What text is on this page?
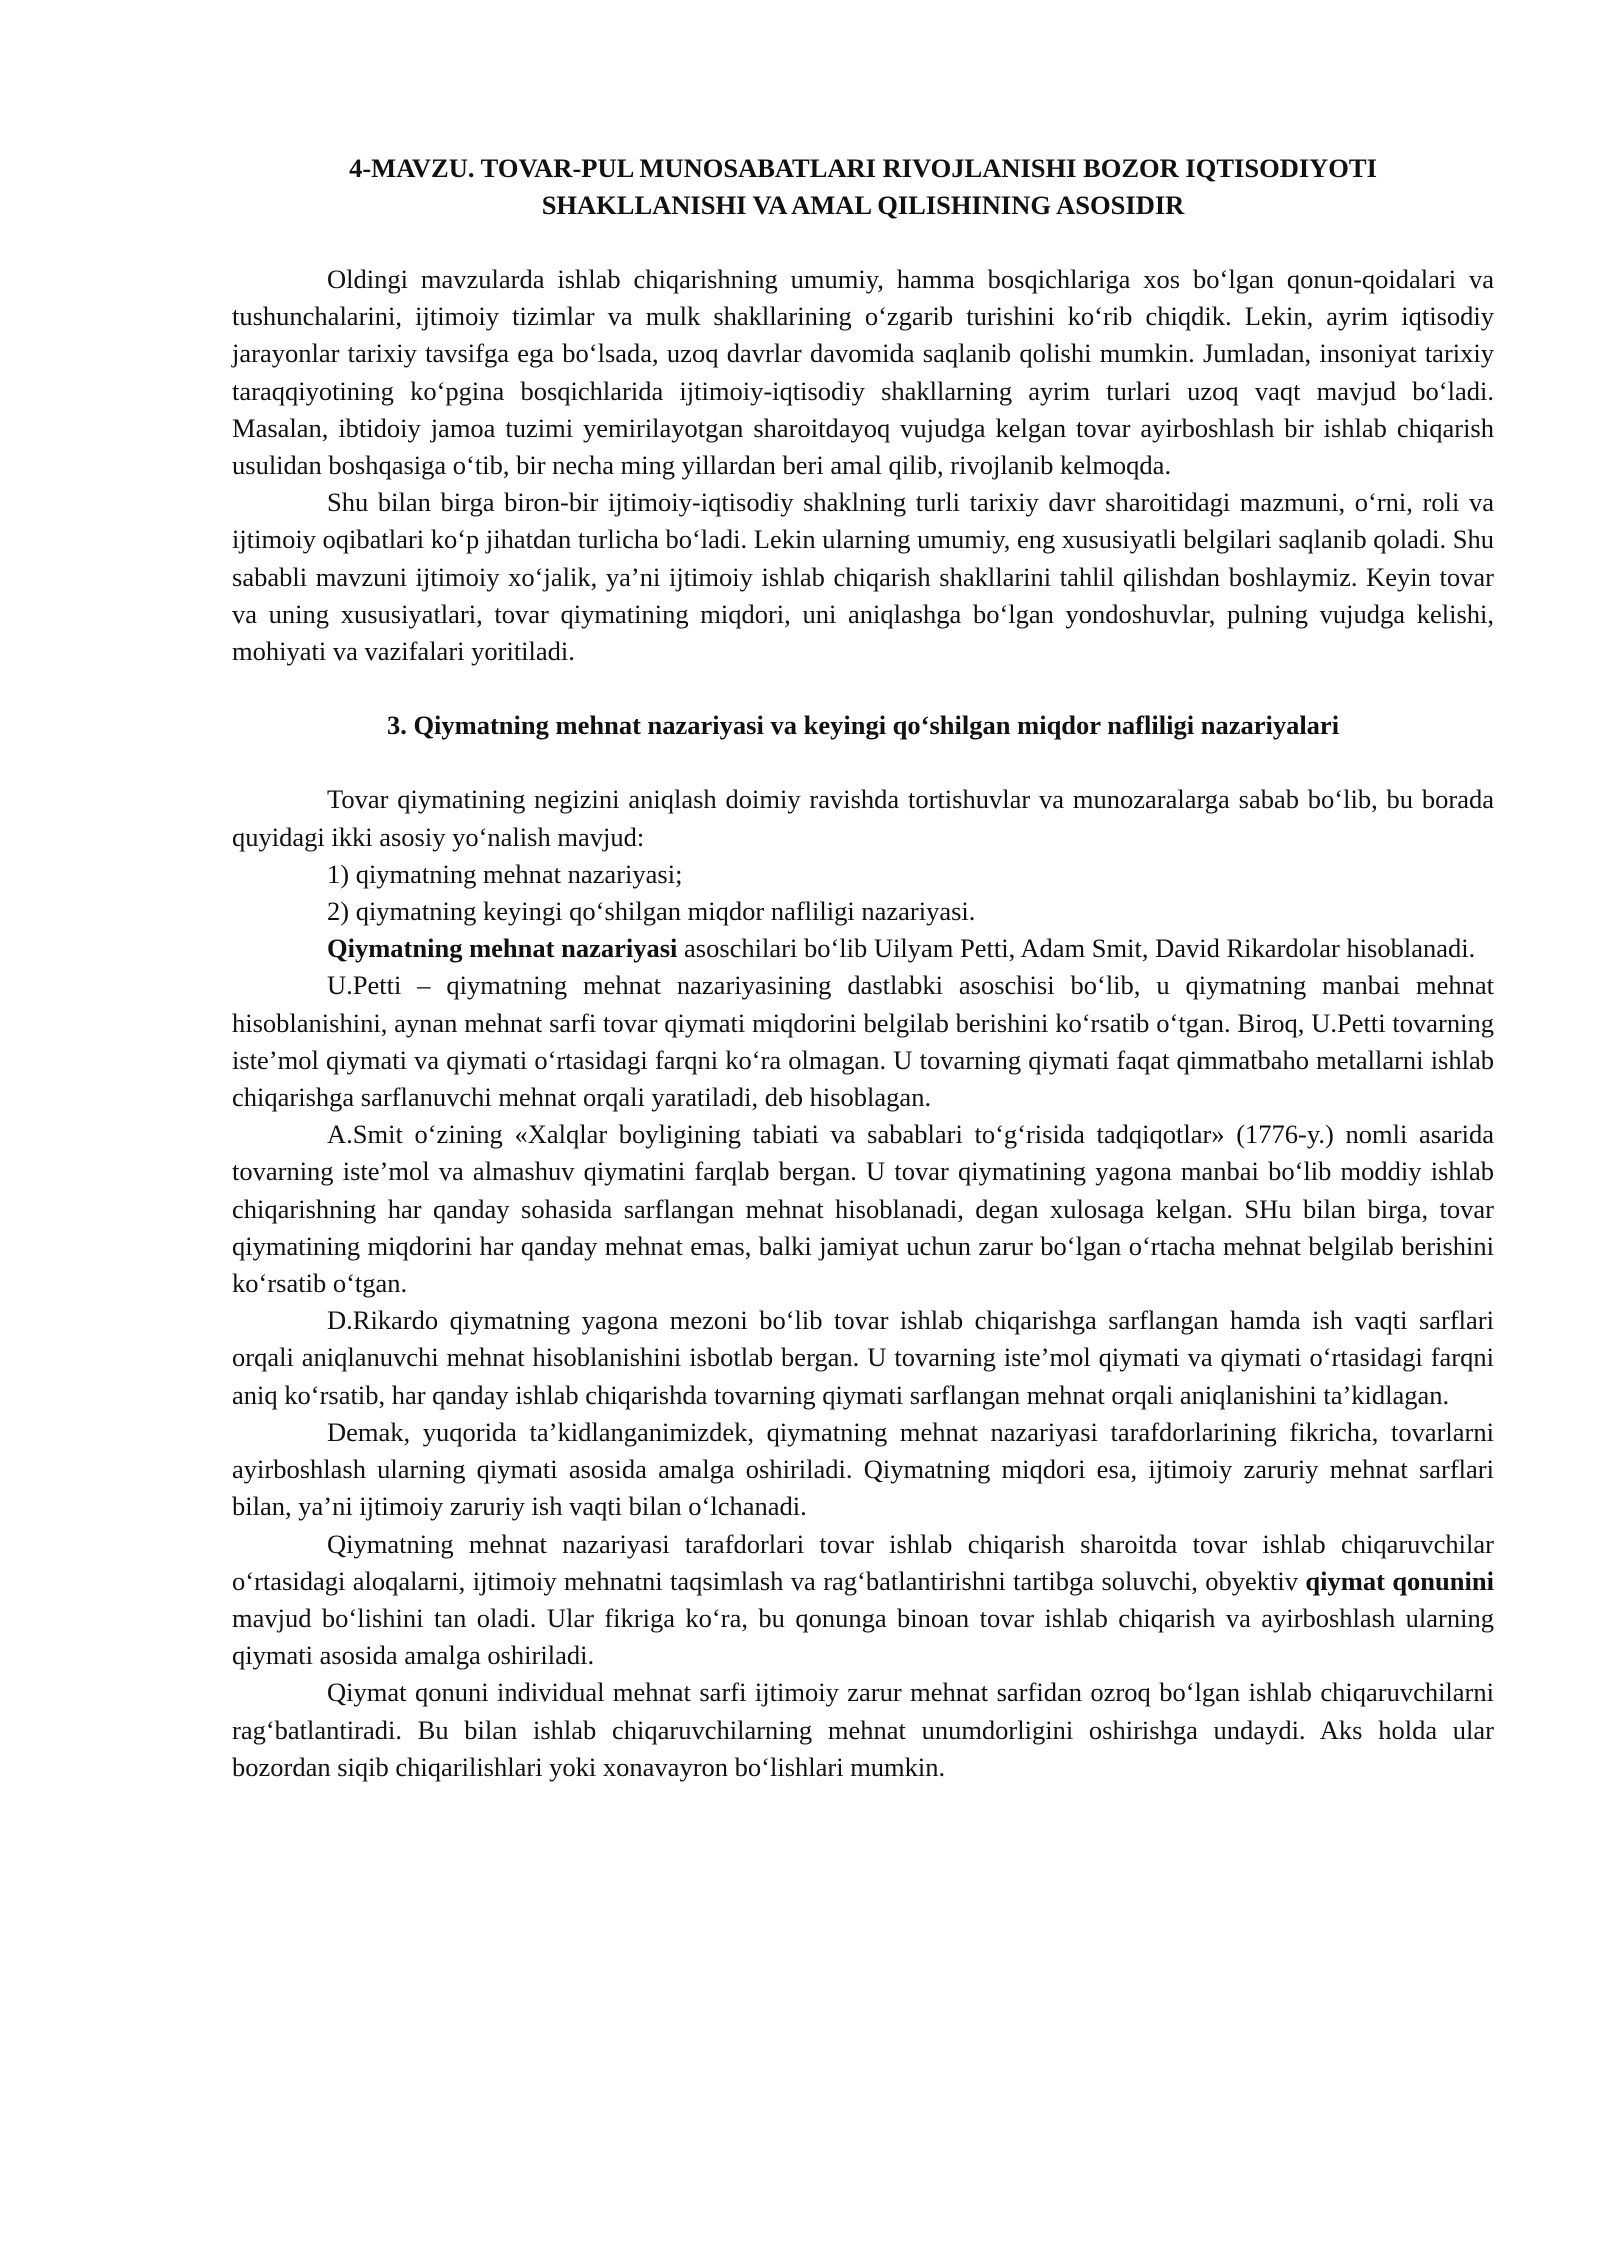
4-MAVZU. TOVAR-PUL MUNOSABATLARI RIVOJLANISHI BOZOR IQTISODIYOTI
SHAKLLANISHI VA AMAL QILISHINING ASOSIDIR

Oldingi mavzularda ishlab chiqarishning umumiy, hamma bosqichlariga xos bo‘lgan qonun-qoidalari va tushunchalarini, ijtimoiy tizimlar va mulk shakllarining o‘zgarib turishini ko‘rib chiqdik. Lekin, ayrim iqtisodiy jarayonlar tarixiy tavsifga ega bo‘lsada, uzoq davrlar davomida saqlanib qolishi mumkin. Jumladan, insoniyat tarixiy taraqqiyotining ko‘pgina bosqichlarida ijtimoiy-iqtisodiy shakllarning ayrim turlari uzoq vaqt mavjud bo‘ladi. Masalan, ibtidoiy jamoa tuzimi yemirilayotgan sharoitdayoq vujudga kelgan tovar ayirboshlash bir ishlab chiqarish usulidan boshqasiga o‘tib, bir necha ming yillardan beri amal qilib, rivojlanib kelmoqda.

Shu bilan birga biron-bir ijtimoiy-iqtisodiy shaklning turli tarixiy davr sharoitidagi mazmuni, o‘rni, roli va ijtimoiy oqibatlari ko‘p jihatdan turlicha bo‘ladi. Lekin ularning umumiy, eng xususiyatli belgilari saqlanib qoladi. Shu sababli mavzuni ijtimoiy xo‘jalik, ya’ni ijtimoiy ishlab chiqarish shakllarini tahlil qilishdan boshlaymiz. Keyin tovar va uning xususiyatlari, tovar qiymatining miqdori, uni aniqlashga bo‘lgan yondoshuvlar, pulning vujudga kelishi, mohiyati va vazifalari yoritiladi.

3. Qiymatning mehnat nazariyasi va keyingi qo‘shilgan miqdor nafliligi nazariyalari

Tovar qiymatining negizini aniqlash doimiy ravishda tortishuvlar va munozaralarga sabab bo‘lib, bu borada quyidagi ikki asosiy yo‘nalish mavjud:

1) qiymatning mehnat nazariyasi;

2) qiymatning keyingi qo‘shilgan miqdor nafliligi nazariyasi.

Qiymatning mehnat nazariyasi asoschilari bo‘lib Uilyam Petti, Adam Smit, David Rikardolar hisoblanadi.

U.Petti – qiymatning mehnat nazariyasining dastlabki asoschisi bo‘lib, u qiymatning manbai mehnat hisoblanishini, aynan mehnat sarfi tovar qiymati miqdorini belgilab berishini ko‘rsatib o‘tgan. Biroq, U.Petti tovarning iste’mol qiymati va qiymati o‘rtasidagi farqni ko‘ra olmagan. U tovarning qiymati faqat qimmatbaho metallarni ishlab chiqarishga sarflanuvchi mehnat orqali yaratiladi, deb hisoblagan.

A.Smit o‘zining «Xalqlar boyligining tabiati va sabablari to‘g‘risida tadqiqotlar» (1776-y.) nomli asarida tovarning iste’mol va almashuv qiymatini farqlab bergan. U tovar qiymatining yagona manbai bo‘lib moddiy ishlab chiqarishning har qanday sohasida sarflangan mehnat hisoblanadi, degan xulosaga kelgan. SHu bilan birga, tovar qiymatining miqdorini har qanday mehnat emas, balki jamiyat uchun zarur bo‘lgan o‘rtacha mehnat belgilab berishini ko‘rsatib o‘tgan.

D.Rikardo qiymatning yagona mezoni bo‘lib tovar ishlab chiqarishga sarflangan hamda ish vaqti sarflari orqali aniqlanuvchi mehnat hisoblanishini isbotlab bergan. U tovarning iste’mol qiymati va qiymati o‘rtasidagi farqni aniq ko‘rsatib, har qanday ishlab chiqarishda tovarning qiymati sarflangan mehnat orqali aniqlanishini ta’kidlagan.

Demak, yuqorida ta’kidlanganimizdek, qiymatning mehnat nazariyasi tarafdorlarining fikricha, tovarlarni ayirboshlash ularning qiymati asosida amalga oshiriladi. Qiymatning miqdori esa, ijtimoiy zaruriy mehnat sarflari bilan, ya’ni ijtimoiy zaruriy ish vaqti bilan o‘lchanadi.

Qiymatning mehnat nazariyasi tarafdorlari tovar ishlab chiqarish sharoitda tovar ishlab chiqaruvchilar o‘rtasidagi aloqalarni, ijtimoiy mehnatni taqsimlash va rag‘batlantirishni tartibga soluvchi, obyektiv qiymat qonunini mavjud bo‘lishini tan oladi. Ular fikriga ko‘ra, bu qonunga binoan tovar ishlab chiqarish va ayirboshlash ularning qiymati asosida amalga oshiriladi.

Qiymat qonuni individual mehnat sarfi ijtimoiy zarur mehnat sarfidan ozroq bo‘lgan ishlab chiqaruvchilarni rag‘batlantiradi. Bu bilan ishlab chiqaruvchilarning mehnat unumdorligini oshirishga undaydi. Aks holda ular bozordan siqib chiqarilishlari yoki xonavayron bo‘lishlari mumkin.
